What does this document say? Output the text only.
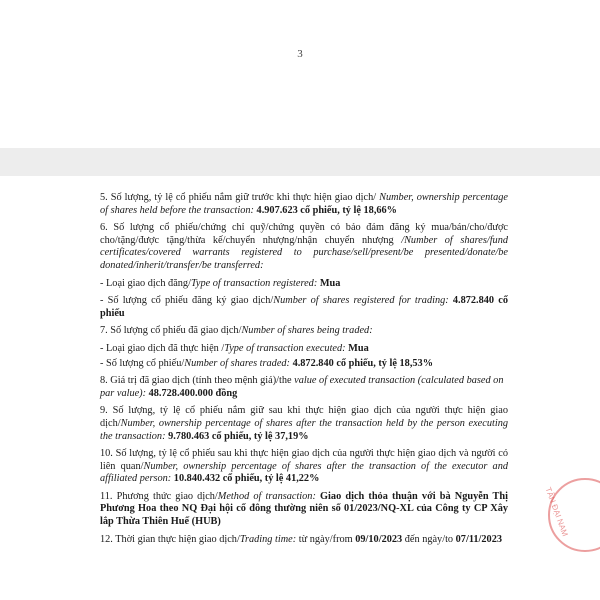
3

5. Số lượng, tỷ lệ cổ phiếu nắm giữ trước khi thực hiện giao dịch/ Number, ownership percentage of shares held before the transaction: 4.907.623 cổ phiếu, tỷ lệ 18,66%

6. Số lượng cổ phiếu/chứng chỉ quỹ/chứng quyền có bảo đảm đăng ký mua/bán/cho/được cho/tặng/được tặng/thừa kế/chuyển nhượng/nhận chuyển nhượng /Number of shares/fund certificates/covered warrants registered to purchase/sell/present/be presented/donate/be donated/inherit/transfer/be transferred:

- Loại giao dịch đăng/Type of transaction registered: Mua

- Số lượng cổ phiếu đăng ký giao dịch/Number of shares registered for trading: 4.872.840 cổ phiếu

7. Số lượng cổ phiếu đã giao dịch/Number of shares being traded:

- Loại giao dịch đã thực hiện /Type of transaction executed: Mua

- Số lượng cổ phiếu/Number of shares traded: 4.872.840 cổ phiếu, tỷ lệ 18,53%

8. Giá trị đã giao dịch (tính theo mệnh giá)/the value of executed transaction (calculated based on par value): 48.728.400.000 đồng

9. Số lượng, tỷ lệ cổ phiếu nắm giữ sau khi thực hiện giao dịch của người thực hiện giao dịch/Number, ownership percentage of shares after the transaction held by the person executing the transaction: 9.780.463 cổ phiếu, tỷ lệ 37,19%

10. Số lượng, tỷ lệ cổ phiếu sau khi thực hiện giao dịch của người thực hiện giao dịch và người có liên quan/Number, ownership percentage of shares after the transaction of the executor and affiliated person: 10.840.432 cổ phiếu, tỷ lệ 41,22%

11. Phương thức giao dịch/Method of transaction: Giao dịch thỏa thuận với bà Nguyễn Thị Phương Hoa theo NQ Đại hội cổ đông thường niên số 01/2023/NQ-XL của Công ty CP Xây lắp Thừa Thiên Huế (HUB)

12. Thời gian thực hiện giao dịch/Trading time: từ ngày/from 09/10/2023 đến ngày/to 07/11/2023

TÂN ĐẠI NAM
